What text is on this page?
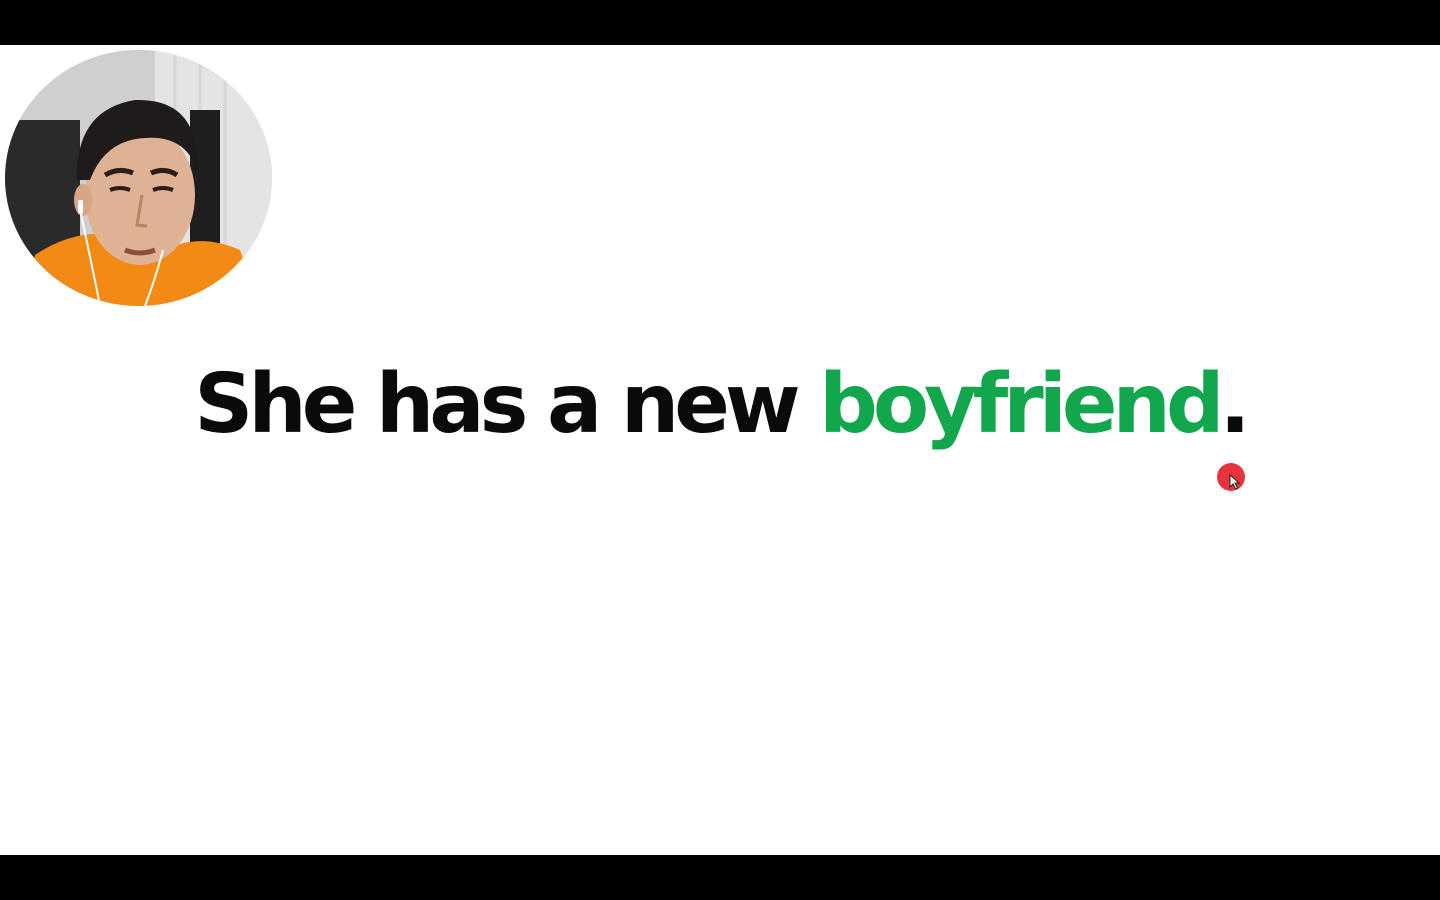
She has a new boyfriend.
